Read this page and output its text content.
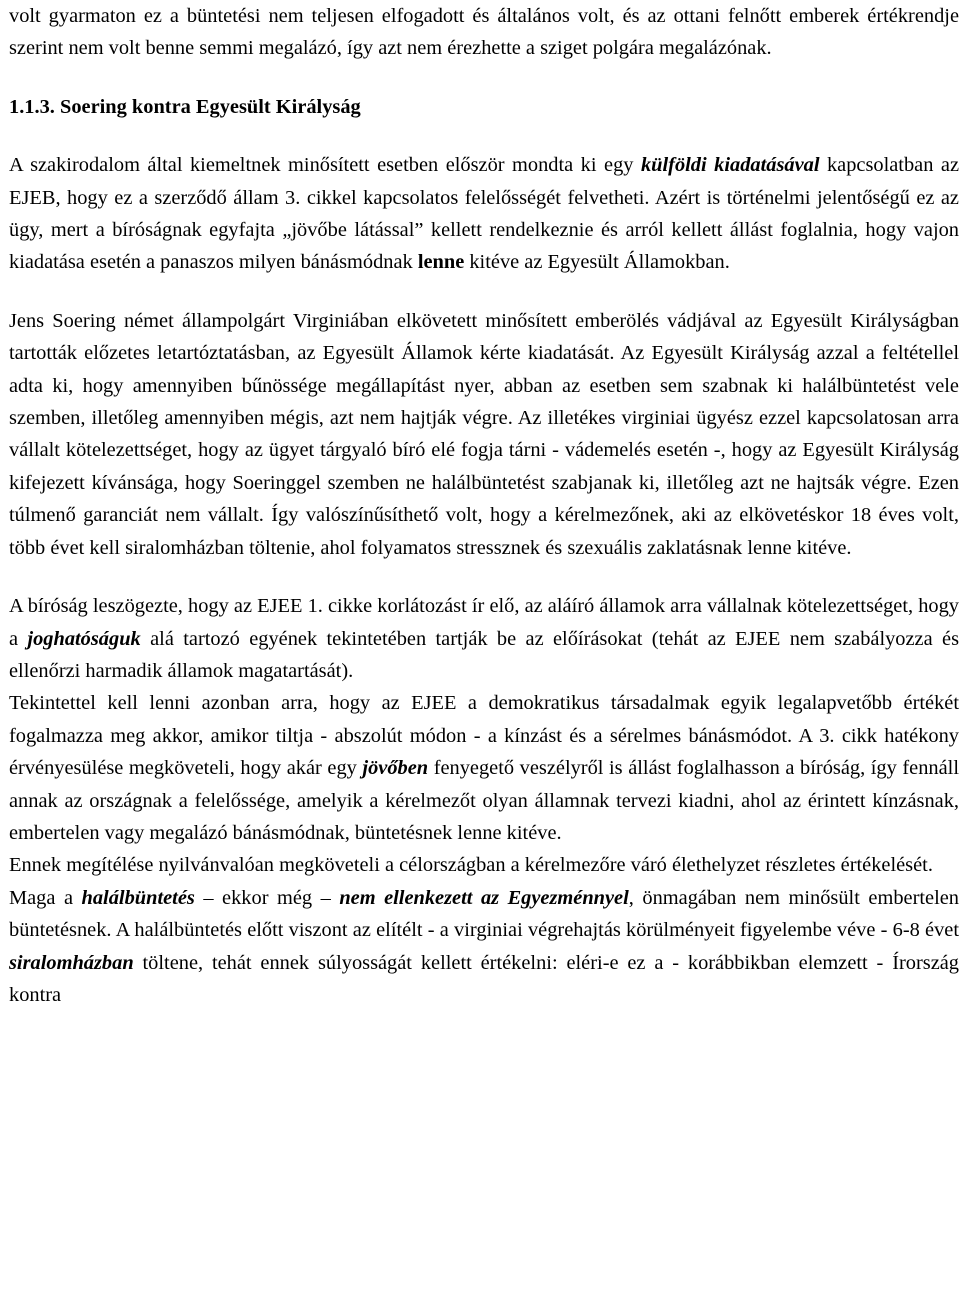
volt gyarmaton ez a büntetési nem teljesen elfogadott és általános volt, és az ottani felnőtt emberek értékrendje szerint nem volt benne semmi megalázó, így azt nem érezhette a sziget polgára megalázónak.

1.1.3. Soering kontra Egyesült Királyság

A szakirodalom által kiemeltnek minősített esetben először mondta ki egy külföldi kiadatásával kapcsolatban az EJEB, hogy ez a szerződő állam 3. cikkel kapcsolatos felelősségét felvetheti. Azért is történelmi jelentőségű ez az ügy, mert a bíróságnak egyfajta „jövőbe látással” kellett rendelkeznie és arról kellett állást foglalnia, hogy vajon kiadatása esetén a panaszos milyen bánásmódnak lenne kitéve az Egyesült Államokban.

Jens Soering német állampolgárt Virginiában elkövetett minősített emberölés vádjával az Egyesült Királyságban tartották előzetes letartóztatásban, az Egyesült Államok kérte kiadatását. Az Egyesült Királyság azzal a feltétellel adta ki, hogy amennyiben bűnössége megállapítást nyer, abban az esetben sem szabnak ki halálbüntetést vele szemben, illetőleg amennyiben mégis, azt nem hajtják végre. Az illetékes virginiai ügyész ezzel kapcsolatosan arra vállalt kötelezettséget, hogy az ügyet tárgyaló bíró elé fogja tárni - vádemelés esetén -, hogy az Egyesült Királyság kifejezett kívánsága, hogy Soeringgel szemben ne halálbüntetést szabjanak ki, illetőleg azt ne hajtsák végre. Ezen túlmenő garanciát nem vállalt. Így valószínűsíthető volt, hogy a kérelmezőnek, aki az elkövetéskor 18 éves volt, több évet kell siralomházban töltenie, ahol folyamatos stressznek és szexuális zaklatásnak lenne kitéve.

A bíróság leszögezte, hogy az EJEE 1. cikke korlátozást ír elő, az aláíró államok arra vállalnak kötelezettséget, hogy a joghatóságuk alá tartozó egyének tekintetében tartják be az előírásokat (tehát az EJEE nem szabályozza és ellenőrzi harmadik államok magatartását).

Tekintettel kell lenni azonban arra, hogy az EJEE a demokratikus társadalmak egyik legalapvetőbb értékét fogalmazza meg akkor, amikor tiltja - abszolút módon - a kínzást és a sérelmes bánásmódot. A 3. cikk hatékony érvényesülése megköveteli, hogy akár egy jövőben fenyegető veszélyről is állást foglalhasson a bíróság, így fennáll annak az országnak a felelőssége, amelyik a kérelmezőt olyan államnak tervezi kiadni, ahol az érintett kínzásnak, embertelen vagy megalázó bánásmódnak, büntetésnek lenne kitéve.

Ennek megítélése nyilvánvalóan megköveteli a célországban a kérelmezőre váró élethelyzet részletes értékelését.

Maga a halálbüntetés – ekkor még – nem ellenkezett az Egyezménnyel, önmagában nem minősült embertelen büntetésnek. A halálbüntetés előtt viszont az elítélt - a virginiai végrehajtás körülményeit figyelembe véve - 6-8 évet siralomházban töltene, tehát ennek súlyosságát kellett értékelni: eléri-e ez a - korábbikban elemzett - Írország kontra
